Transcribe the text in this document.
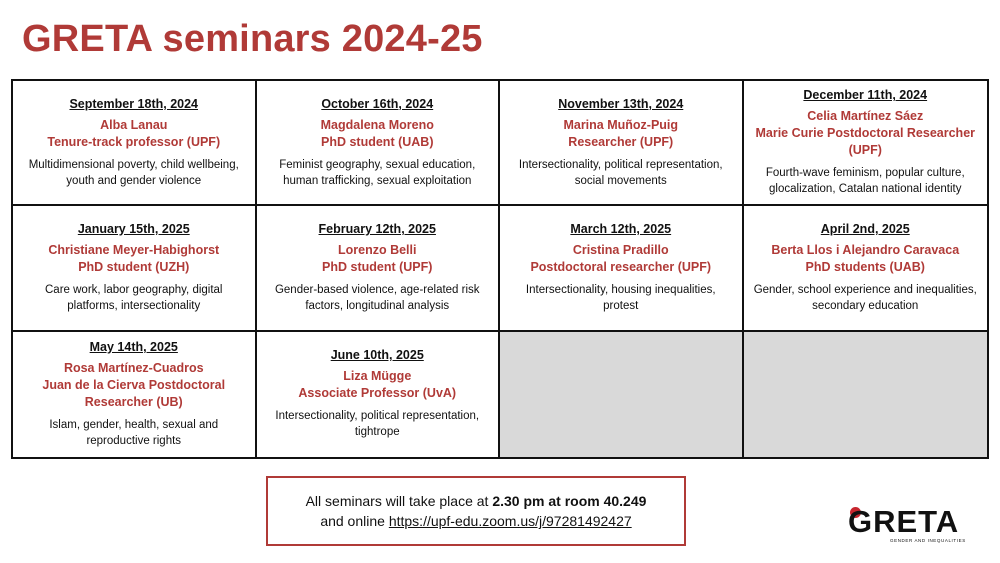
GRETA seminars 2024-25
September 18th, 2024
Alba Lanau
Tenure-track professor (UPF)
Multidimensional poverty, child wellbeing, youth and gender violence
October 16th, 2024
Magdalena Moreno
PhD student (UAB)
Feminist geography, sexual education, human trafficking, sexual exploitation
November 13th, 2024
Marina Muñoz-Puig
Researcher (UPF)
Intersectionality, political representation, social movements
December 11th, 2024
Celia Martínez Sáez
Marie Curie Postdoctoral Researcher (UPF)
Fourth-wave feminism, popular culture, glocalization, Catalan national identity
January 15th, 2025
Christiane Meyer-Habighorst
PhD student (UZH)
Care work, labor geography, digital platforms, intersectionality
February 12th, 2025
Lorenzo Belli
PhD student (UPF)
Gender-based violence, age-related risk factors, longitudinal analysis
March 12th, 2025
Cristina Pradillo
Postdoctoral researcher (UPF)
Intersectionality, housing inequalities, protest
April 2nd, 2025
Berta Llos i Alejandro Caravaca
PhD students (UAB)
Gender, school experience and inequalities, secondary education
May 14th, 2025
Rosa Martínez-Cuadros
Juan de la Cierva Postdoctoral Researcher (UB)
Islam, gender, health, sexual and reproductive rights
June 10th, 2025
Liza Mügge
Associate Professor (UvA)
Intersectionality, political representation, tightrope
All seminars will take place at 2.30 pm at room 40.249
and online https://upf-edu.zoom.us/j/97281492427	GRETA
GENDER AND INEQUALITIES
